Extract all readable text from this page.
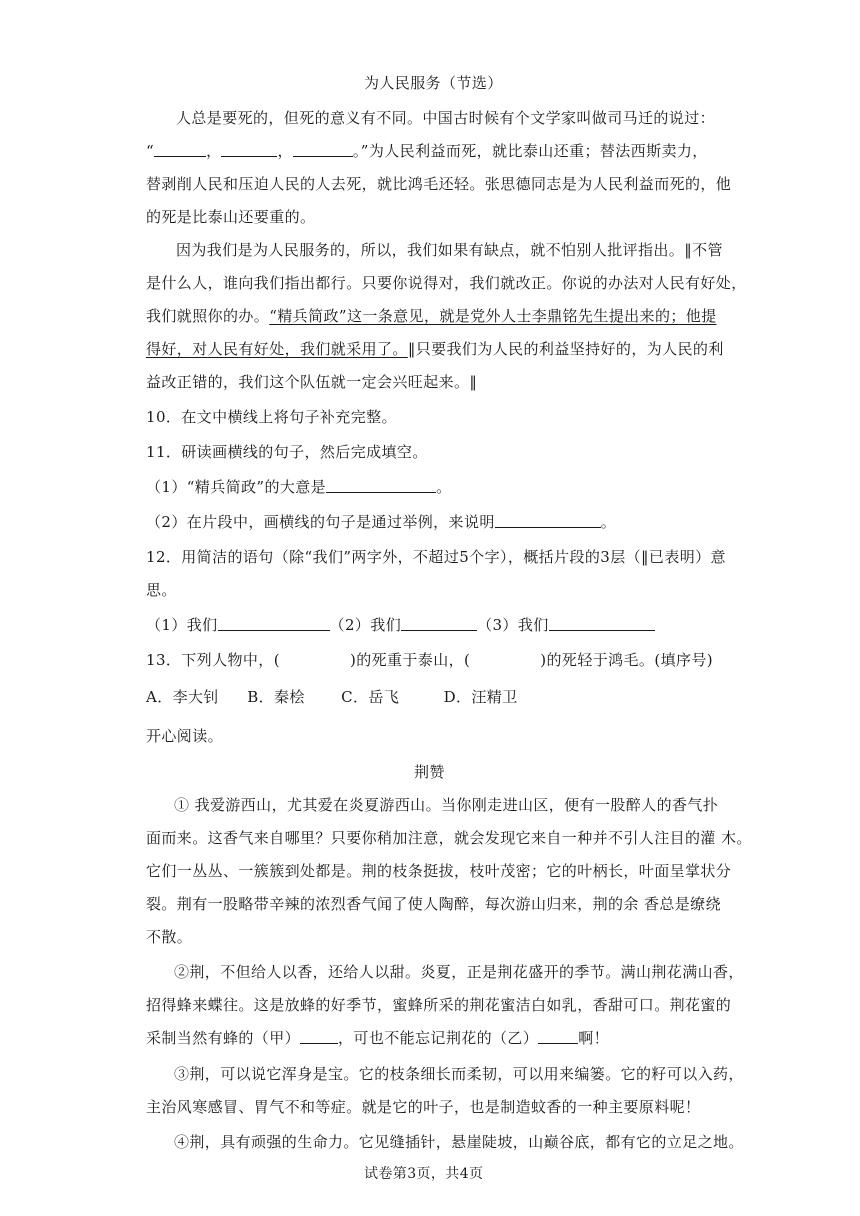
为人民服务（节选）
人总是要死的，但死的意义有不同。中国古时候有个文学家叫做司马迁的说过：
“	，	，	。”为人民利益而死，就比泰山还重；替法西斯卖力，
替剥削人民和压迫人民的人去死，就比鸿毛还轻。张思德同志是为人民利益而死的，他
的死是比泰山还要重的。
因为我们是为人民服务的，所以，我们如果有缺点，就不怕别人批评指出。‖不管
是什么人，谁向我们指出都行。只要你说得对，我们就改正。你说的办法对人民有好处，
我们就照你的办。“精兵简政”这一条意见，就是党外人士李鼎铭先生提出来的；他提
得好，对人民有好处，我们就采用了。‖只要我们为人民的利益坚持好的，为人民的利
益改正错的，我们这个队伍就一定会兴旺起来。‖
10．在文中横线上将句子补充完整。
11．研读画横线的句子，然后完成填空。
（1）“精兵简政”的大意是	。
（2）在片段中，画横线的句子是通过举例，来说明	。
12．用简洁的语句（除“我们”两字外，不超过5个字），概括片段的3层（‖已表明）意
思。
（1）我们	（2）我们	（3）我们
13．下列人物中，(	)的死重于泰山，(	)的死轻于鸿毛。(填序号)
A．李大钊 B．秦桧 C．岳飞	D．汪精卫
开心阅读。
荆赞
① 我爱游西山，尤其爱在炎夏游西山。当你刚走进山区，便有一股醉人的香气扑
面而来。这香气来自哪里？只要你稍加注意，就会发现它来自一种并不引人注目的灌 木。
它们一丛丛、一簇簇到处都是。荆的枝条挺拔，枝叶茂密；它的叶柄长，叶面呈掌状分
裂。荆有一股略带辛辣的浓烈香气闻了使人陶醉，每次游山归来，荆的余 香总是缭绕
不散。
②荆，不但给人以香，还给人以甜。炎夏，正是荆花盛开的季节。满山荆花满山香，
招得蜂来蝶往。这是放蜂的好季节，蜜蜂所采的荆花蜜洁白如乳，香甜可口。荆花蜜的
采制当然有蜂的（甲）	，可也不能忘记荆花的（乙）	啊！
③荆，可以说它浑身是宝。它的枝条细长而柔韧，可以用来编篓。它的籽可以入药，
主治风寒感冒、胃气不和等症。就是它的叶子，也是制造蚊香的一种主要原料呢！
④荆，具有顽强的生命力。它见缝插针，悬崖陡坡，山巅谷底，都有它的立足之地。
试卷第3页，共4页
